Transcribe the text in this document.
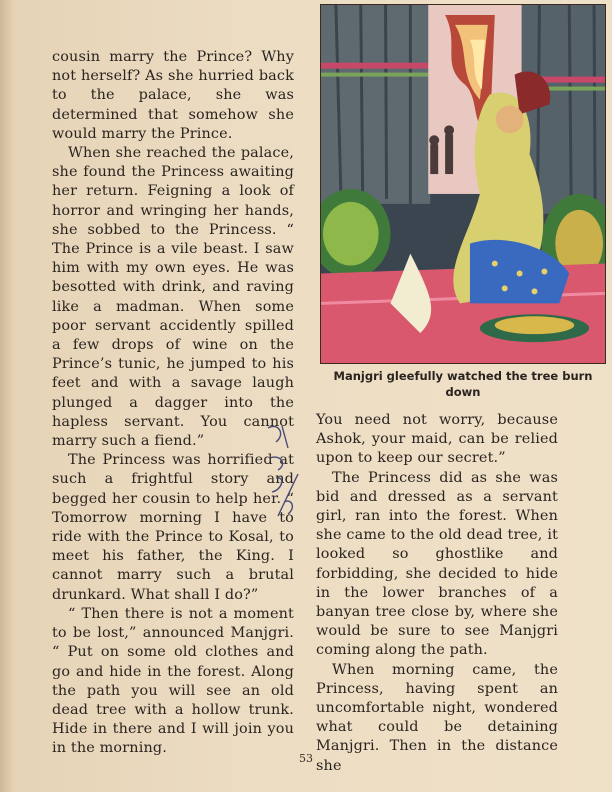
cousin marry the Prince? Why not herself? As she hurried back to the palace, she was determined that somehow she would marry the Prince.

When she reached the palace, she found the Princess awaiting her return. Feigning a look of horror and wringing her hands, she sobbed to the Princess. “ The Prince is a vile beast. I saw him with my own eyes. He was besotted with drink, and raving like a madman. When some poor servant accidently spilled a few drops of wine on the Prince’s tunic, he jumped to his feet and with a savage laugh plunged a dagger into the hapless servant. You cannot marry such a fiend.”

The Princess was horrified at such a frightful story and begged her cousin to help her. “ Tomorrow morning I have to ride with the Prince to Kosal, to meet his father, the King. I cannot marry such a brutal drunkard. What shall I do?”

“ Then there is not a moment to be lost,” announced Manjgri. “ Put on some old clothes and go and hide in the forest. Along the path you will see an old dead tree with a hollow trunk. Hide in there and I will join you in the morning.

Manjgri gleefully watched the tree burn down

You need not worry, because Ashok, your maid, can be relied upon to keep our secret.”

The Princess did as she was bid and dressed as a servant girl, ran into the forest. When she came to the old dead tree, it looked so ghostlike and forbidding, she decided to hide in the lower branches of a banyan tree close by, where she would be sure to see Manjgri coming along the path.

When morning came, the Princess, having spent an uncomfortable night, wondered what could be detaining Manjgri. Then in the distance she

53
